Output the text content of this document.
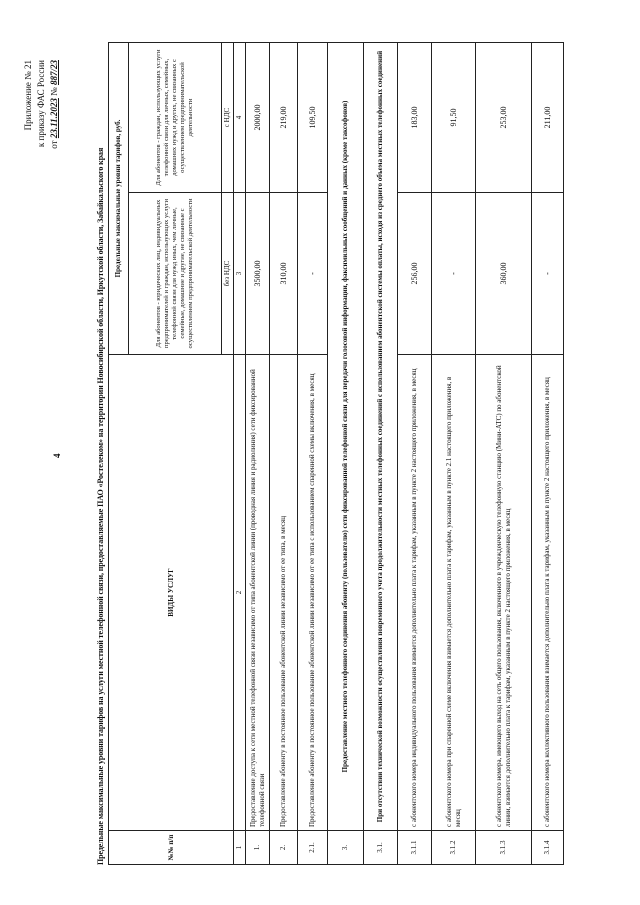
4
Приложение № 21 к приказу ФАС России от 23.11.2023 № 887/23
Предельные максимальные уровни тарифов на услуги местной телефонной связи, предоставляемые ПАО «Ростелеком» на территории Новосибирской области, Иркутской области, Забайкальского края	№№ п/п	ВИДЫ УСЛУГ	Предельные максимальные уровни тарифов, руб.	
		Для абонентов - юридических лиц, индивидуальных предпринимателей и граждан, использующих услуги телефонной связи для нужд иных, чем личные, семейные, домашние и другие, не связанные с осуществлением предпринимательской деятельности	Для абонентов - граждан, использующих услуги телефонной связи для личных, семейных, домашних нужд и других, не связанных с осуществлением предпринимательской деятельности
		без НДС	с НДС
1	2	3	4
1.	Предоставление доступа к сети местной телефонной связи независимо от типа абонентской линии (проводная линия и радиолиния) сети фиксированной телефонной связи	3500,00	2000,00
2.	Предоставление абоненту в постоянное пользование абонентской линии независимо от ее типа, в месяц	310,00	219,00
2.1.	Предоставление абоненту в постоянное пользование абонентской линии независимо от ее типа с использованием спаренной схемы включения, в месяц	-	109,50
3.	Предоставление местного телефонного соединения абоненту (пользователю) сети фиксированной телефонной связи для передачи голосовой информации, факсимильных сообщений и данных (кроме таксофонов)		
3.1.	При отсутствии технической возможности осуществления повременного учета продолжительности местных телефонных соединений с использованием абонентской системы оплаты, исходя из среднего объема местных телефонных соединений		
3.1.1	с абонентского номера индивидуального пользования взимается дополнительно плата к тарифам, указанным в пункте 2 настоящего приложения, в месяц	256,00	183,00
3.1.2	с абонентского номера при спаренной схеме включения взимается дополнительно плата к тарифам, указанным в пункте 2.1 настоящего приложения, в месяц	-	91,50
3.1.3	с абонентского номера, имеющего выход на сеть общего пользования, включенного в учрежденческую телефонную станцию (Мини-АТС) по абонентской линии, взимается дополнительно плата к тарифам, указанным в пункте 2 настоящего приложения, в месяц	360,00	253,00
3.1.4	с абонентского номера коллективного пользования взимается дополнительно плата к тарифам, указанным в пункте 2 настоящего приложения, в месяц	-	211,00
